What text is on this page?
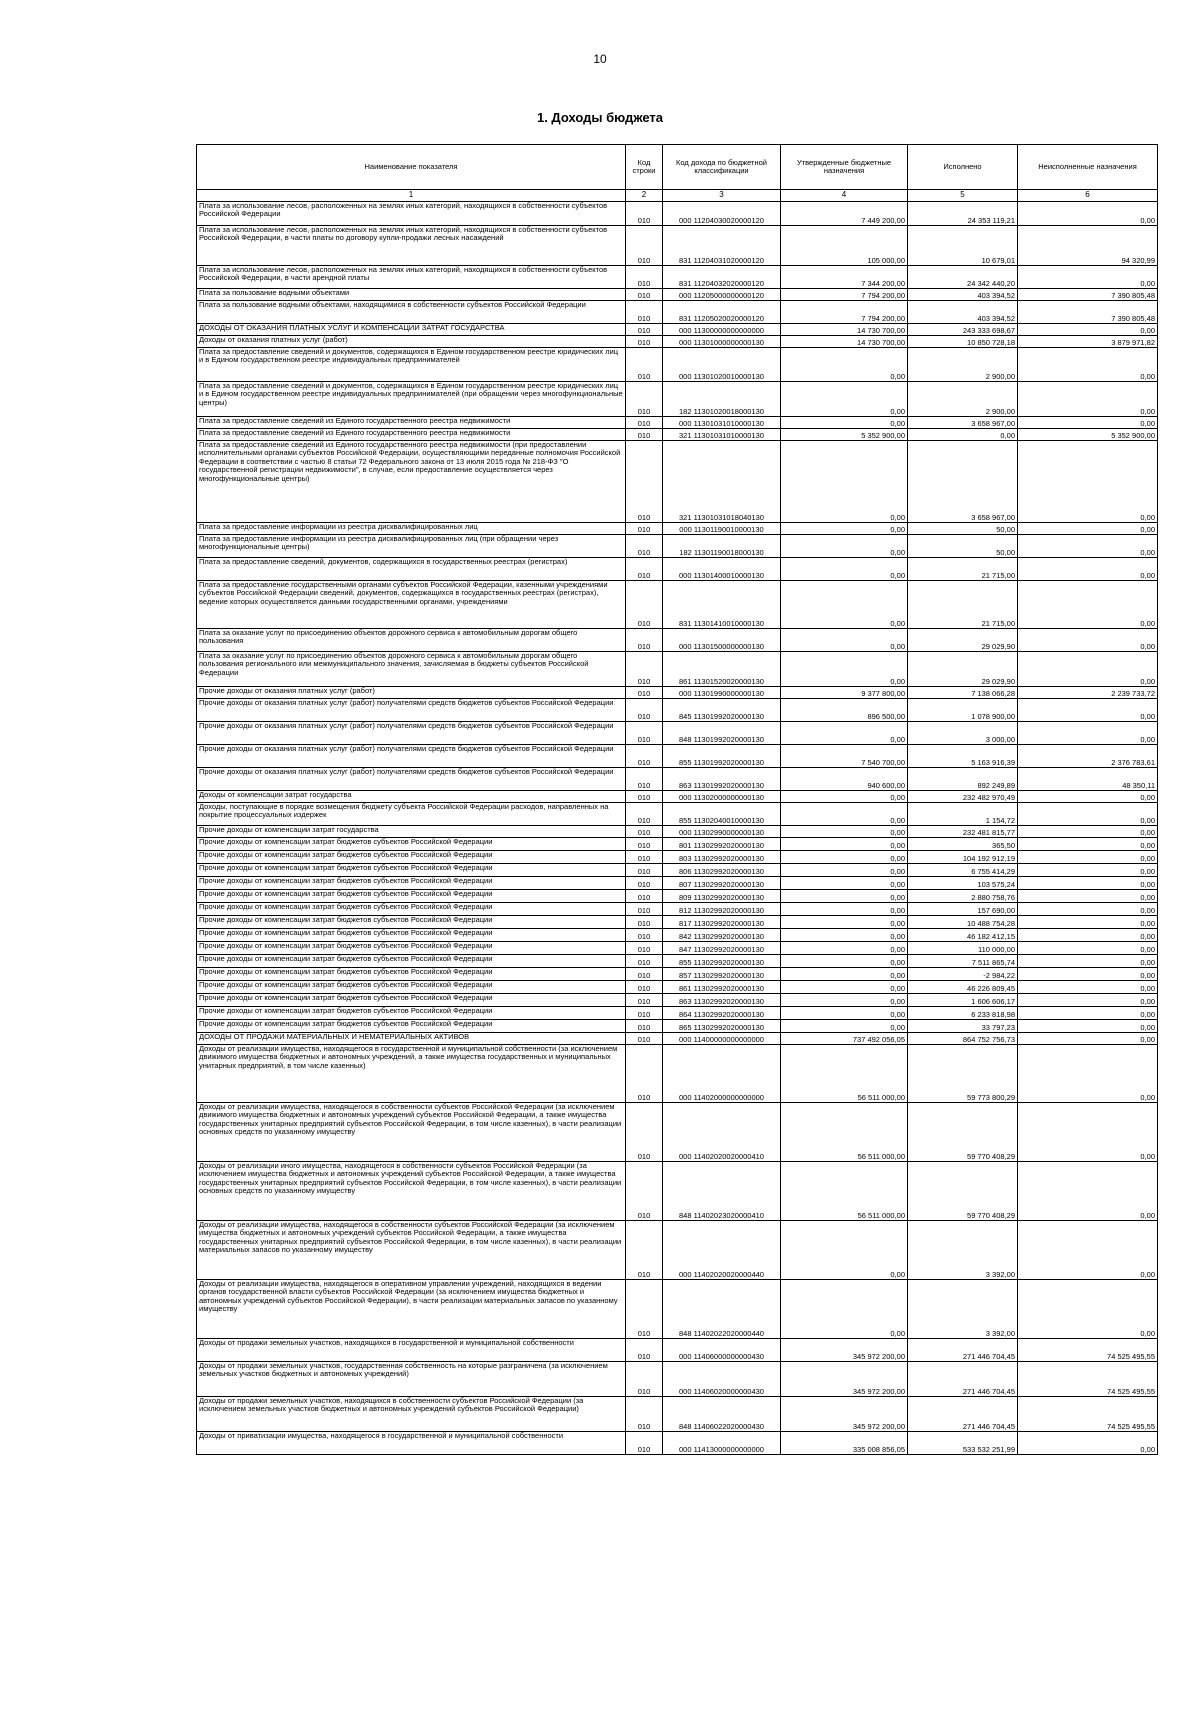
10
1. Доходы бюджета
Наименование показателя	Код строки	Код дохода по бюджетной классификации	Утвержденные бюджетные назначения	Исполнено	Неисполненные назначения
1	2	3	4	5	6

Плата за использование лесов, расположенных на землях иных категорий, находящихся в собственности субъектов Российской Федерации	010	000 11204030020000120	7 449 200,00	24 353 119,21	0,00

Плата за использование лесов, расположенных на землях иных категорий, находящихся в собственности субъектов Российской Федерации, в части платы по договору купли-продажи лесных насаждений	010	831 11204031020000120	105 000,00	10 679,01	94 320,99

Плата за использование лесов, расположенных на землях иных категорий, находящихся в собственности субъектов Российской Федерации, в части арендной платы	010	831 11204032020000120	7 344 200,00	24 342 440,20	0,00

Плата за пользование водными объектами	010	000 11205000000000120	7 794 200,00	403 394,52	7 390 805,48

Плата за пользование водными объектами, находящимися в собственности субъектов Российской Федерации	010	831 11205020020000120	7 794 200,00	403 394,52	7 390 805,48

ДОХОДЫ ОТ ОКАЗАНИЯ ПЛАТНЫХ УСЛУГ И КОМПЕНСАЦИИ ЗАТРАТ ГОСУДАРСТВА	010	000 11300000000000000	14 730 700,00	243 333 698,67	0,00

Доходы от оказания платных услуг (работ)	010	000 11301000000000130	14 730 700,00	10 850 728,18	3 879 971,82

Плата за предоставление сведений и документов, содержащихся в Едином государственном реестре юридических лиц и в Едином государственном реестре индивидуальных предпринимателей	010	000 11301020010000130	0,00	2 900,00	0,00

Плата за предоставление сведений и документов, содержащихся в Едином государственном реестре юридических лиц и в Едином государственном реестре индивидуальных предпринимателей (при обращении через многофункциональные центры)	010	182 11301020018000130	0,00	2 900,00	0,00

Плата за предоставление сведений из Единого государственного реестра недвижимости	010	000 11301031010000130	0,00	3 658 967,00	0,00

Плата за предоставление сведений из Единого государственного реестра недвижимости	010	321 11301031010000130	5 352 900,00	0,00	5 352 900,00

Плата за предоставление сведений из Единого государственного реестра недвижимости (при предоставлении исполнительными органами субъектов Российской Федерации, осуществляющими переданные полномочия Российской Федерации в соответствии с частью 8 статьи 72 Федерального закона от 13 июля 2015 года № 218-ФЗ "О государственной регистрации недвижимости", в случае, если предоставление осуществляется через многофункциональные центры)	010	321 11301031018040130	0,00	3 658 967,00	0,00

Плата за предоставление информации из реестра дисквалифицированных лиц	010	000 11301190010000130	0,00	50,00	0,00

Плата за предоставление информации из реестра дисквалифицированных лиц (при обращении через многофункциональные центры)	010	182 11301190018000130	0,00	50,00	0,00

Плата за предоставление сведений, документов, содержащихся в государственных реестрах (регистрах)	010	000 11301400010000130	0,00	21 715,00	0,00

Плата за предоставление государственными органами субъектов Российской Федерации, казенными учреждениями субъектов Российской Федерации сведений, документов, содержащихся в государственных реестрах (регистрах), ведение которых осуществляется данными государственными органами, учреждениями	010	831 11301410010000130	0,00	21 715,00	0,00

Плата за оказание услуг по присоединению объектов дорожного сервиса к автомобильным дорогам общего пользования	010	000 11301500000000130	0,00	29 029,90	0,00

Плата за оказание услуг по присоединению объектов дорожного сервиса к автомобильным дорогам общего пользования регионального или межмуниципального значения, зачисляемая в бюджеты субъектов Российской Федерации	010	861 11301520020000130	0,00	29 029,90	0,00

Прочие доходы от оказания платных услуг (работ)	010	000 11301990000000130	9 377 800,00	7 138 066,28	2 239 733,72

Прочие доходы от оказания платных услуг (работ) получателями средств бюджетов субъектов Российской Федерации	010	845 11301992020000130	896 500,00	1 078 900,00	0,00

Прочие доходы от оказания платных услуг (работ) получателями средств бюджетов субъектов Российской Федерации	010	848 11301992020000130	0,00	3 000,00	0,00

Прочие доходы от оказания платных услуг (работ) получателями средств бюджетов субъектов Российской Федерации	010	855 11301992020000130	7 540 700,00	5 163 916,39	2 376 783,61

Прочие доходы от оказания платных услуг (работ) получателями средств бюджетов субъектов Российской Федерации	010	863 11301992020000130	940 600,00	892 249,89	48 350,11

Доходы от компенсации затрат государства	010	000 11302000000000130	0,00	232 482 970,49	0,00

Доходы, поступающие в порядке возмещения бюджету субъекта Российской Федерации расходов, направленных на покрытие процессуальных издержек	010	855 11302040010000130	0,00	1 154,72	0,00

Прочие доходы от компенсации затрат государства	010	000 11302990000000130	0,00	232 481 815,77	0,00

Прочие доходы от компенсации затрат бюджетов субъектов Российской Федерации	010	801 11302992020000130	0,00	365,50	0,00

Прочие доходы от компенсации затрат бюджетов субъектов Российской Федерации	010	803 11302992020000130	0,00	104 192 912,19	0,00

Прочие доходы от компенсации затрат бюджетов субъектов Российской Федерации	010	806 11302992020000130	0,00	6 755 414,29	0,00

Прочие доходы от компенсации затрат бюджетов субъектов Российской Федерации	010	807 11302992020000130	0,00	103 575,24	0,00

Прочие доходы от компенсации затрат бюджетов субъектов Российской Федерации	010	809 11302992020000130	0,00	2 880 758,76	0,00

Прочие доходы от компенсации затрат бюджетов субъектов Российской Федерации	010	812 11302992020000130	0,00	157 690,00	0,00

Прочие доходы от компенсации затрат бюджетов субъектов Российской Федерации	010	817 11302992020000130	0,00	10 488 754,28	0,00

Прочие доходы от компенсации затрат бюджетов субъектов Российской Федерации	010	842 11302992020000130	0,00	46 182 412,15	0,00

Прочие доходы от компенсации затрат бюджетов субъектов Российской Федерации	010	847 11302992020000130	0,00	110 000,00	0,00

Прочие доходы от компенсации затрат бюджетов субъектов Российской Федерации	010	855 11302992020000130	0,00	7 511 865,74	0,00

Прочие доходы от компенсации затрат бюджетов субъектов Российской Федерации	010	857 11302992020000130	0,00	-2 984,22	0,00

Прочие доходы от компенсации затрат бюджетов субъектов Российской Федерации	010	861 11302992020000130	0,00	46 226 809,45	0,00

Прочие доходы от компенсации затрат бюджетов субъектов Российской Федерации	010	863 11302992020000130	0,00	1 606 606,17	0,00

Прочие доходы от компенсации затрат бюджетов субъектов Российской Федерации	010	864 11302992020000130	0,00	6 233 818,98	0,00

Прочие доходы от компенсации затрат бюджетов субъектов Российской Федерации	010	865 11302992020000130	0,00	33 797,23	0,00

ДОХОДЫ ОТ ПРОДАЖИ МАТЕРИАЛЬНЫХ И НЕМАТЕРИАЛЬНЫХ АКТИВОВ	010	000 11400000000000000	737 492 056,05	864 752 756,73	0,00

Доходы от реализации имущества, находящегося в государственной и муниципальной собственности (за исключением движимого имущества бюджетных и автономных учреждений, а также имущества государственных и муниципальных унитарных предприятий, в том числе казенных)	010	000 11402000000000000	56 511 000,00	59 773 800,29	0,00

Доходы от реализации имущества, находящегося в собственности субъектов Российской Федерации (за исключением движимого имущества бюджетных и автономных учреждений субъектов Российской Федерации, а также имущества государственных унитарных предприятий субъектов Российской Федерации, в том числе казенных), в части реализации основных средств по указанному имуществу	010	000 11402020020000410	56 511 000,00	59 770 408,29	0,00

Доходы от реализации иного имущества, находящегося в собственности субъектов Российской Федерации (за исключением имущества бюджетных и автономных учреждений субъектов Российской Федерации, а также имущества государственных унитарных предприятий субъектов Российской Федерации, в том числе казенных), в части реализации основных средств по указанному имуществу	010	848 11402023020000410	56 511 000,00	59 770 408,29	0,00

Доходы от реализации имущества, находящегося в собственности субъектов Российской Федерации (за исключением имущества бюджетных и автономных учреждений субъектов Российской Федерации, а также имущества государственных унитарных предприятий субъектов Российской Федерации, в том числе казенных), в части реализации материальных запасов по указанному имуществу	010	000 11402020020000440	0,00	3 392,00	0,00

Доходы от реализации имущества, находящегося в оперативном управлении учреждений, находящихся в ведении органов государственной власти субъектов Российской Федерации (за исключением имущества бюджетных и автономных учреждений субъектов Российской Федерации), в части реализации материальных запасов по указанному имуществу	010	848 11402022020000440	0,00	3 392,00	0,00

Доходы от продажи земельных участков, находящихся в государственной и муниципальной собственности	010	000 11406000000000430	345 972 200,00	271 446 704,45	74 525 495,55

Доходы от продажи земельных участков, государственная собственность на которые разграничена (за исключением земельных участков бюджетных и автономных учреждений)	010	000 11406020000000430	345 972 200,00	271 446 704,45	74 525 495,55

Доходы от продажи земельных участков, находящихся в собственности субъектов Российской Федерации (за исключением земельных участков бюджетных и автономных учреждений субъектов Российской Федерации)	010	848 11406022020000430	345 972 200,00	271 446 704,45	74 525 495,55

Доходы от приватизации имущества, находящегося в государственной и муниципальной собственности	010	000 11413000000000000	335 008 856,05	533 532 251,99	0,00
